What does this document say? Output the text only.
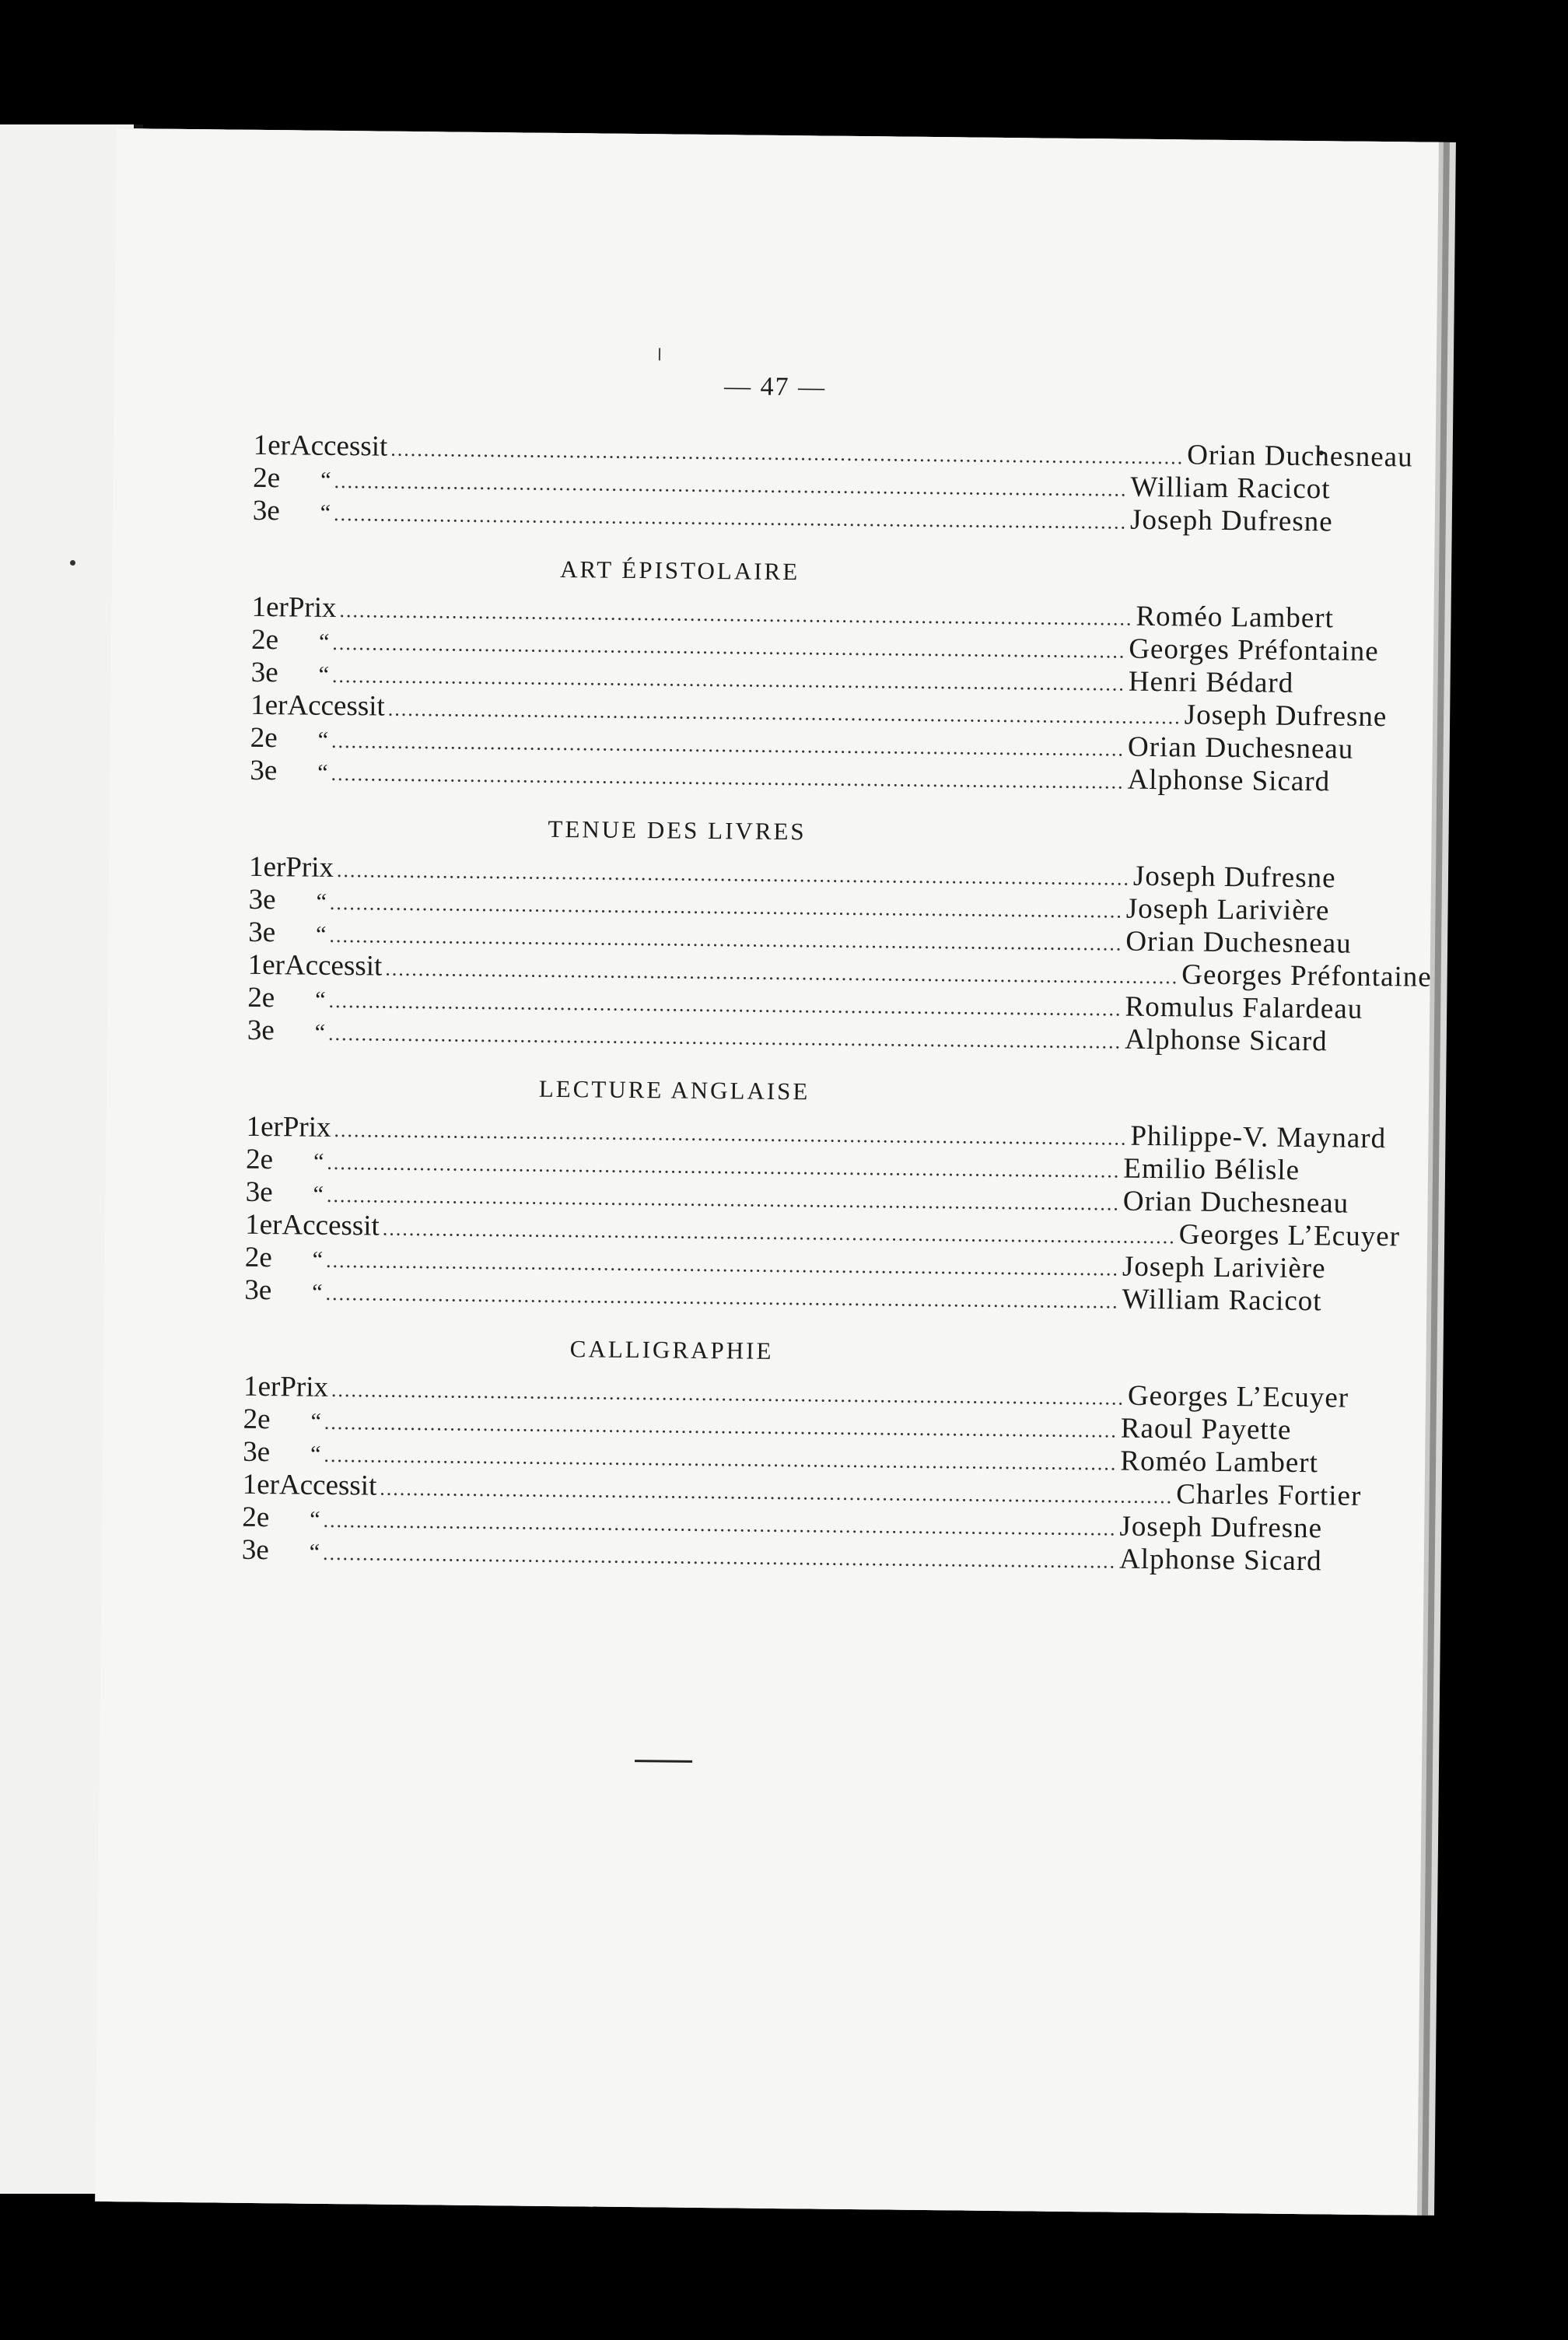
— 47 —
1er Accessit ........................................................................................................................ Orian Duchesneau
2e	“ ........................................................................................................................ William Racicot
3e	“ ........................................................................................................................ Joseph Dufresne
ART ÉPISTOLAIRE
1er Prix ........................................................................................................................ Roméo Lambert
2e	“ ........................................................................................................................ Georges Préfontaine
3e	“ ........................................................................................................................ Henri Bédard
1er Accessit ........................................................................................................................ Joseph Dufresne
2e	“ ........................................................................................................................ Orian Duchesneau
3e	“ ........................................................................................................................ Alphonse Sicard
TENUE DES LIVRES
1er Prix ........................................................................................................................ Joseph Dufresne
3e	“ ........................................................................................................................ Joseph Larivière
3e	“ ........................................................................................................................ Orian Duchesneau
1er Accessit ........................................................................................................................ Georges Préfontaine
2e	“ ........................................................................................................................ Romulus Falardeau
3e	“ ........................................................................................................................ Alphonse Sicard
LECTURE ANGLAISE
1er Prix ........................................................................................................................ Philippe-V. Maynard
2e	“ ........................................................................................................................ Emilio Bélisle
3e	“ ........................................................................................................................ Orian Duchesneau
1er Accessit ........................................................................................................................ Georges L’Ecuyer
2e	“ ........................................................................................................................ Joseph Larivière
3e	“ ........................................................................................................................ William Racicot
CALLIGRAPHIE
1er Prix ........................................................................................................................ Georges L’Ecuyer
2e	“ ........................................................................................................................ Raoul Payette
3e	“ ........................................................................................................................ Roméo Lambert
1er Accessit ........................................................................................................................ Charles Fortier
2e	“ ........................................................................................................................ Joseph Dufresne
3e	“ ........................................................................................................................ Alphonse Sicard
